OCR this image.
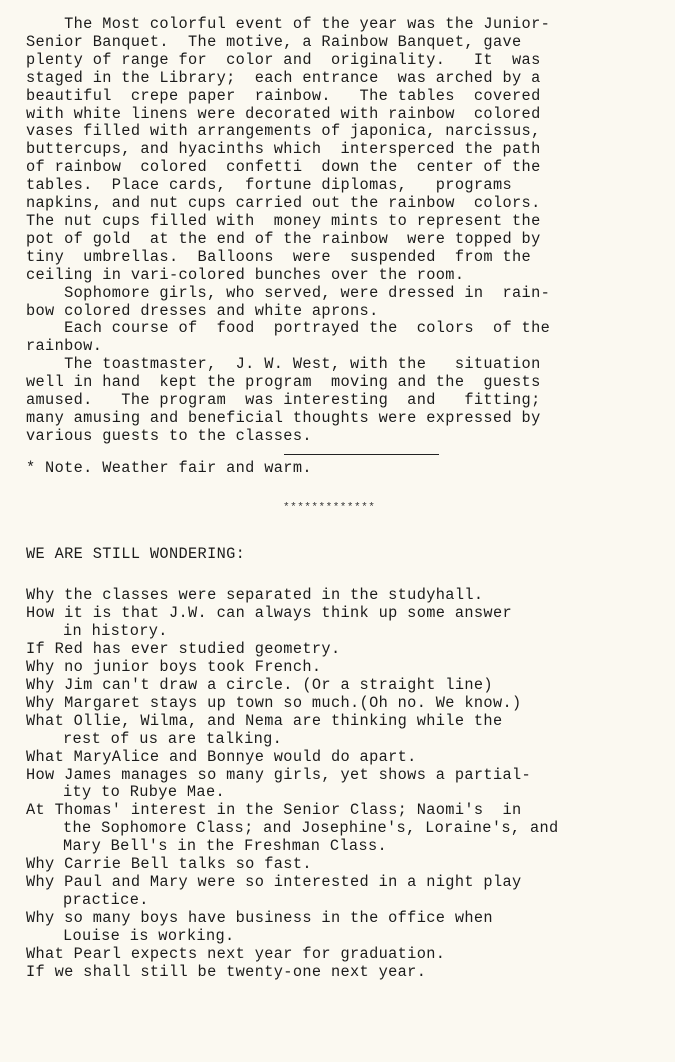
The Most colorful event of the year was the Junior-
Senior Banquet.  The motive, a Rainbow Banquet, gave
plenty of range for  color and  originality.   It  was
staged in the Library;  each entrance  was arched by a
beautiful  crepe paper  rainbow.   The tables  covered
with white linens were decorated with rainbow  colored
vases filled with arrangements of japonica, narcissus,
buttercups, and hyacinths which  intersperced the path
of rainbow  colored  confetti  down the  center of the
tables.  Place cards,  fortune diplomas,   programs
napkins, and nut cups carried out the rainbow  colors.
The nut cups filled with  money mints to represent the
pot of gold  at the end of the rainbow  were topped by
tiny  umbrellas.  Balloons  were  suspended  from the
ceiling in vari-colored bunches over the room.
Sophomore girls, who served, were dressed in  rain-
bow colored dresses and white aprons.
Each course of  food  portrayed the  colors  of the
rainbow.
The toastmaster,  J. W. West, with the   situation
well in hand  kept the program  moving and the  guests
amused.   The program  was interesting  and   fitting;
many amusing and beneficial thoughts were expressed by
various guests to the classes.
* Note. Weather fair and warm.
*************
WE ARE STILL WONDERING:
Why the classes were separated in the studyhall.
How it is that J.W. can always think up some answer
in history.
If Red has ever studied geometry.
Why no junior boys took French.
Why Jim can't draw a circle. (Or a straight line)
Why Margaret stays up town so much.(Oh no. We know.)
What Ollie, Wilma, and Nema are thinking while the
rest of us are talking.
What MaryAlice and Bonnye would do apart.
How James manages so many girls, yet shows a partial-
ity to Rubye Mae.
At Thomas' interest in the Senior Class; Naomi's  in
the Sophomore Class; and Josephine's, Loraine's, and
Mary Bell's in the Freshman Class.
Why Carrie Bell talks so fast.
Why Paul and Mary were so interested in a night play
practice.
Why so many boys have business in the office when
Louise is working.
What Pearl expects next year for graduation.
If we shall still be twenty-one next year.
